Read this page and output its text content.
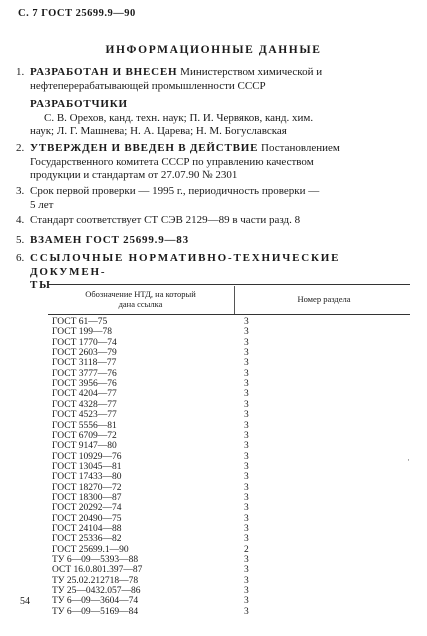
С. 7 ГОСТ 25699.9—90
ИНФОРМАЦИОННЫЕ ДАННЫЕ
1. РАЗРАБОТАН И ВНЕСЕН Министерством химической и
нефтеперерабатывающей промышленности СССР
РАЗРАБОТЧИКИ

С. В. Орехов, канд. техн. наук; П. И. Червяков, канд. хим.
наук; Л. Г. Машнева; Н. А. Царева; Н. М. Богуславская
2. УТВЕРЖДЕН И ВВЕДЕН В ДЕЙСТВИЕ Постановлением
Государственного комитета СССР по управлению качеством
продукции и стандартам от 27.07.90 № 2301
3. Срок первой проверки — 1995 г., периодичность проверки —
5 лет
4. Стандарт соответствует СТ СЭВ 2129—89 в части разд. 8
5. ВЗАМЕН ГОСТ 25699.9—83
6. ССЫЛОЧНЫЕ НОРМАТИВНО-ТЕХНИЧЕСКИЕ ДОКУМЕН-
ТЫ
Обозначение НТД, на который
дана ссылка	Номер раздела
ГОСТ 61—75	3
ГОСТ 199—78	3
ГОСТ 1770—74	3
ГОСТ 2603—79	3
ГОСТ 3118—77	3
ГОСТ 3777—76	3
ГОСТ 3956—76	3
ГОСТ 4204—77	3
ГОСТ 4328—77	3
ГОСТ 4523—77	3
ГОСТ 5556—81	3
ГОСТ 6709—72	3
ГОСТ 9147—80	3
ГОСТ 10929—76	3
ГОСТ 13045—81	3
ГОСТ 17433—80	3
ГОСТ 18270—72	3
ГОСТ 18300—87	3
ГОСТ 20292—74	3
ГОСТ 20490—75	3
ГОСТ 24104—88	3
ГОСТ 25336—82	3
ГОСТ 25699.1—90	2
ТУ 6—09—5393—88	3
ОСТ 16.0.801.397—87	3
ТУ 25.02.212718—78	3
ТУ 25—0432.057—86	3
ТУ 6—09—3604—74	3
ТУ 6—09—5169—84	3
·
54
